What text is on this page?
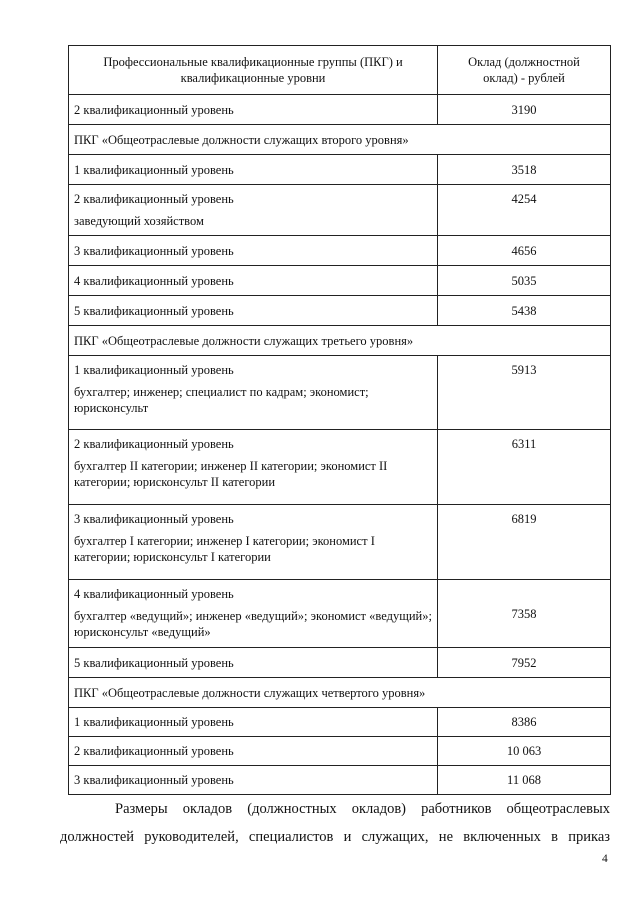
Профессиональные квалификационные группы (ПКГ) и квалификационные уровни	Оклад (должностной оклад) - рублей
2 квалификационный уровень	3190
ПКГ «Общеотраслевые должности служащих второго уровня»	
1 квалификационный уровень	3518

2 квалификационный уровень

заведующий хозяйством	4254
3 квалификационный уровень	4656
4 квалификационный уровень	5035
5 квалификационный уровень	5438
ПКГ «Общеотраслевые должности служащих третьего уровня»	

1 квалификационный уровень

бухгалтер; инженер; специалист по кадрам; экономист; юрисконсульт	5913

2 квалификационный уровень

бухгалтер II категории; инженер II категории; экономист II категории; юрисконсульт II категории	6311

3 квалификационный уровень

бухгалтер I категории; инженер I категории; экономист I категории; юрисконсульт I категории	6819

4 квалификационный уровень

бухгалтер «ведущий»; инженер «ведущий»; экономист «ведущий»; юрисконсульт «ведущий»	7358
5 квалификационный уровень	7952
ПКГ «Общеотраслевые должности служащих четвертого уровня»	
1 квалификационный уровень	8386
2 квалификационный уровень	10 063
3 квалификационный уровень	11 068

Размеры окладов (должностных окладов) работников общеотраслевых

должностей руководителей, специалистов и служащих, не включенных в приказ

4
